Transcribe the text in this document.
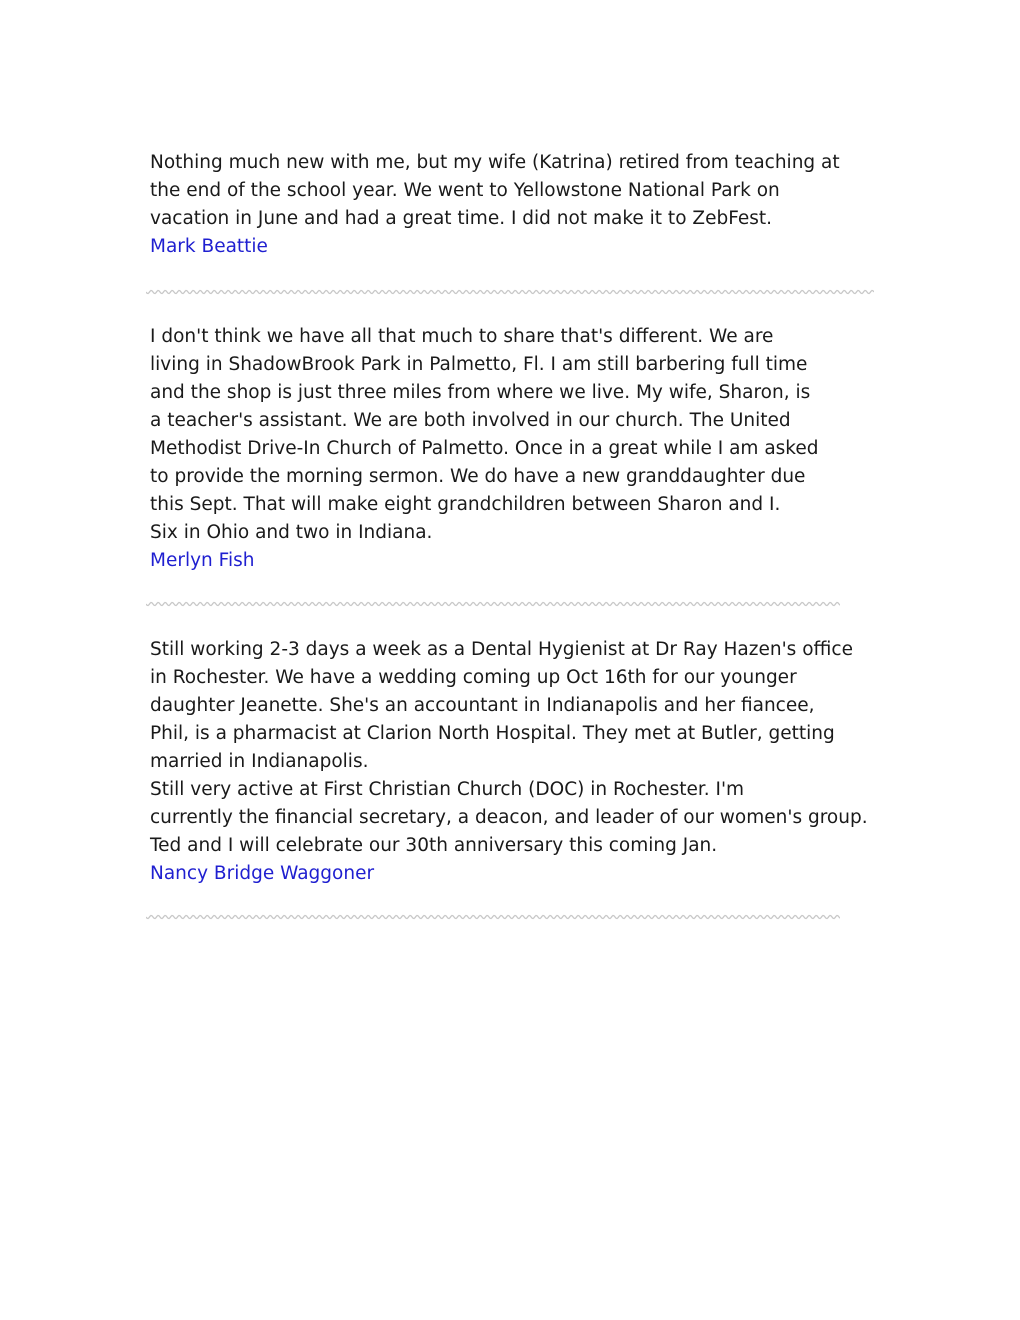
Nothing much new with me, but my wife (Katrina) retired from teaching at
the end of the school year. We went to Yellowstone National Park on
vacation in June and had a great time. I did not make it to ZebFest.
Mark Beattie
I don't think we have all that much to share that's different. We are
living in ShadowBrook Park in Palmetto, Fl. I am still barbering full time
and the shop is just three miles from where we live. My wife, Sharon, is
a teacher's assistant. We are both involved in our church. The United
Methodist Drive-In Church of Palmetto. Once in a great while I am asked
to provide the morning sermon. We do have a new granddaughter due
this Sept. That will make eight grandchildren between Sharon and I.
Six in Ohio and two in Indiana.
Merlyn Fish
Still working 2-3 days a week as a Dental Hygienist at Dr Ray Hazen's office
in Rochester. We have a wedding coming up Oct 16th for our younger
daughter Jeanette. She's an accountant in Indianapolis and her fiancee,
Phil, is a pharmacist at Clarion North Hospital. They met at Butler, getting
married in Indianapolis.
Still very active at First Christian Church (DOC) in Rochester. I'm
currently the financial secretary, a deacon, and leader of our women's group.
Ted and I will celebrate our 30th anniversary this coming Jan.
Nancy Bridge Waggoner
